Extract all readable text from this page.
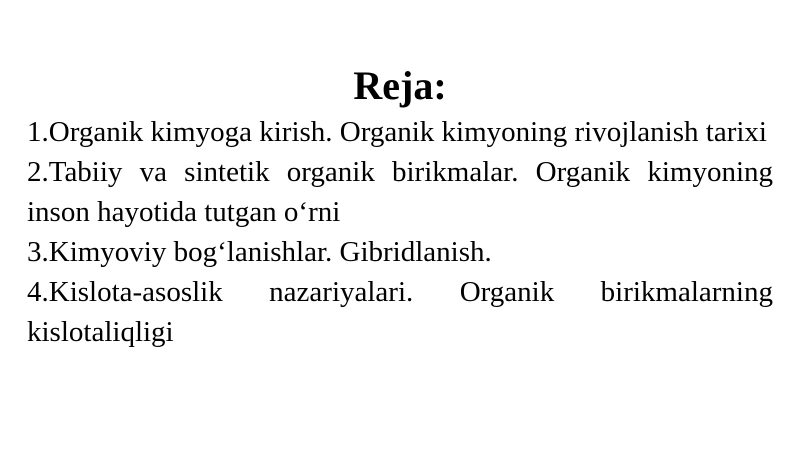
Reja:
1.Organik kimyoga kirish. Organik kimyoning rivojlanish tarixi
2.Tabiiy va sintetik organik birikmalar. Organik kimyoning inson hayotida tutgan o‘rni
3.Kimyoviy bog‘lanishlar. Gibridlanish.
4.Kislota-asoslik nazariyalari. Organik birikmalarning kislotaliqligi
